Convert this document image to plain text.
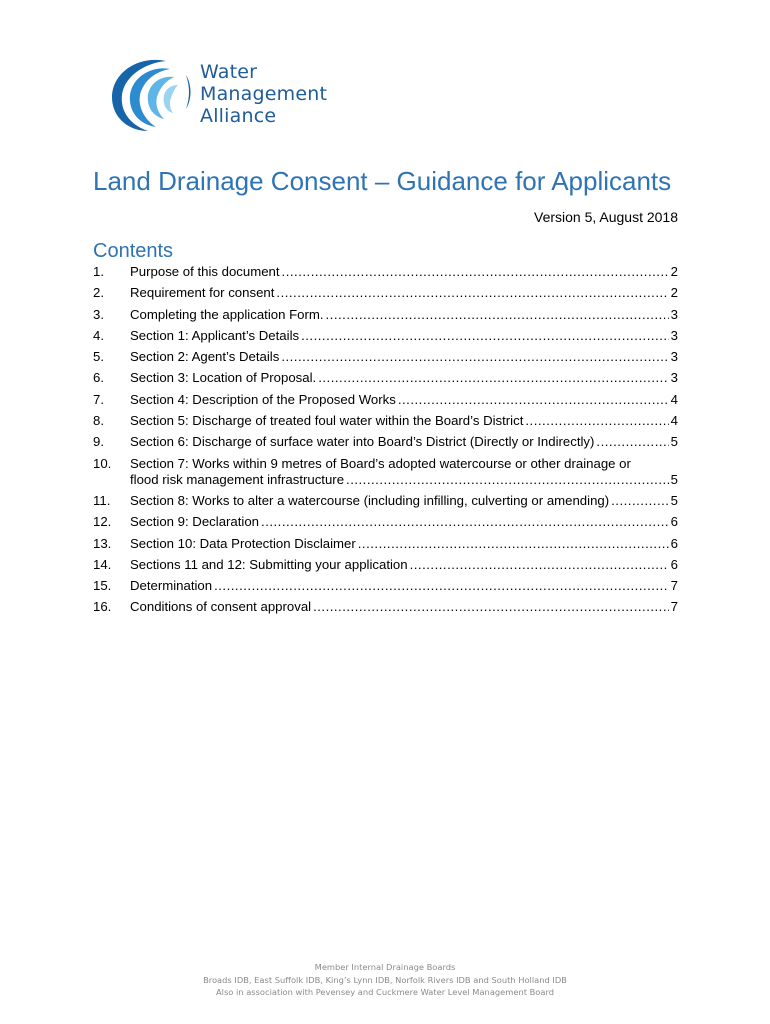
Water
Management
Alliance
Land Drainage Consent – Guidance for Applicants
Version 5, August 2018
Contents
1.	Purpose of this document .....	2
2.	Requirement for consent .....	2
3.	Completing the application Form. .....	3
4.	Section 1: Applicant’s Details .....	3
5.	Section 2: Agent’s Details .....	3
6.	Section 3: Location of Proposal. .....	3
7.	Section 4: Description of the Proposed Works .....	4
8.	Section 5: Discharge of treated foul water within the Board’s District .....	4
9.	Section 6: Discharge of surface water into Board’s District (Directly or Indirectly) .....	5
10.	Section 7: Works within 9 metres of Board’s adopted watercourse or other drainage or
flood risk management infrastructure .....	5
11.	Section 8: Works to alter a watercourse (including infilling, culverting or amending) .....	5
12.	Section 9: Declaration .....	6
13.	Section 10: Data Protection Disclaimer .....	6
14.	Sections 11 and 12: Submitting your application .....	6
15.	Determination .....	7
16.	Conditions of consent approval .....	7
Member Internal Drainage Boards
Broads IDB, East Suffolk IDB, King’s Lynn IDB, Norfolk Rivers IDB and South Holland IDB
Also in association with Pevensey and Cuckmere Water Level Management Board
